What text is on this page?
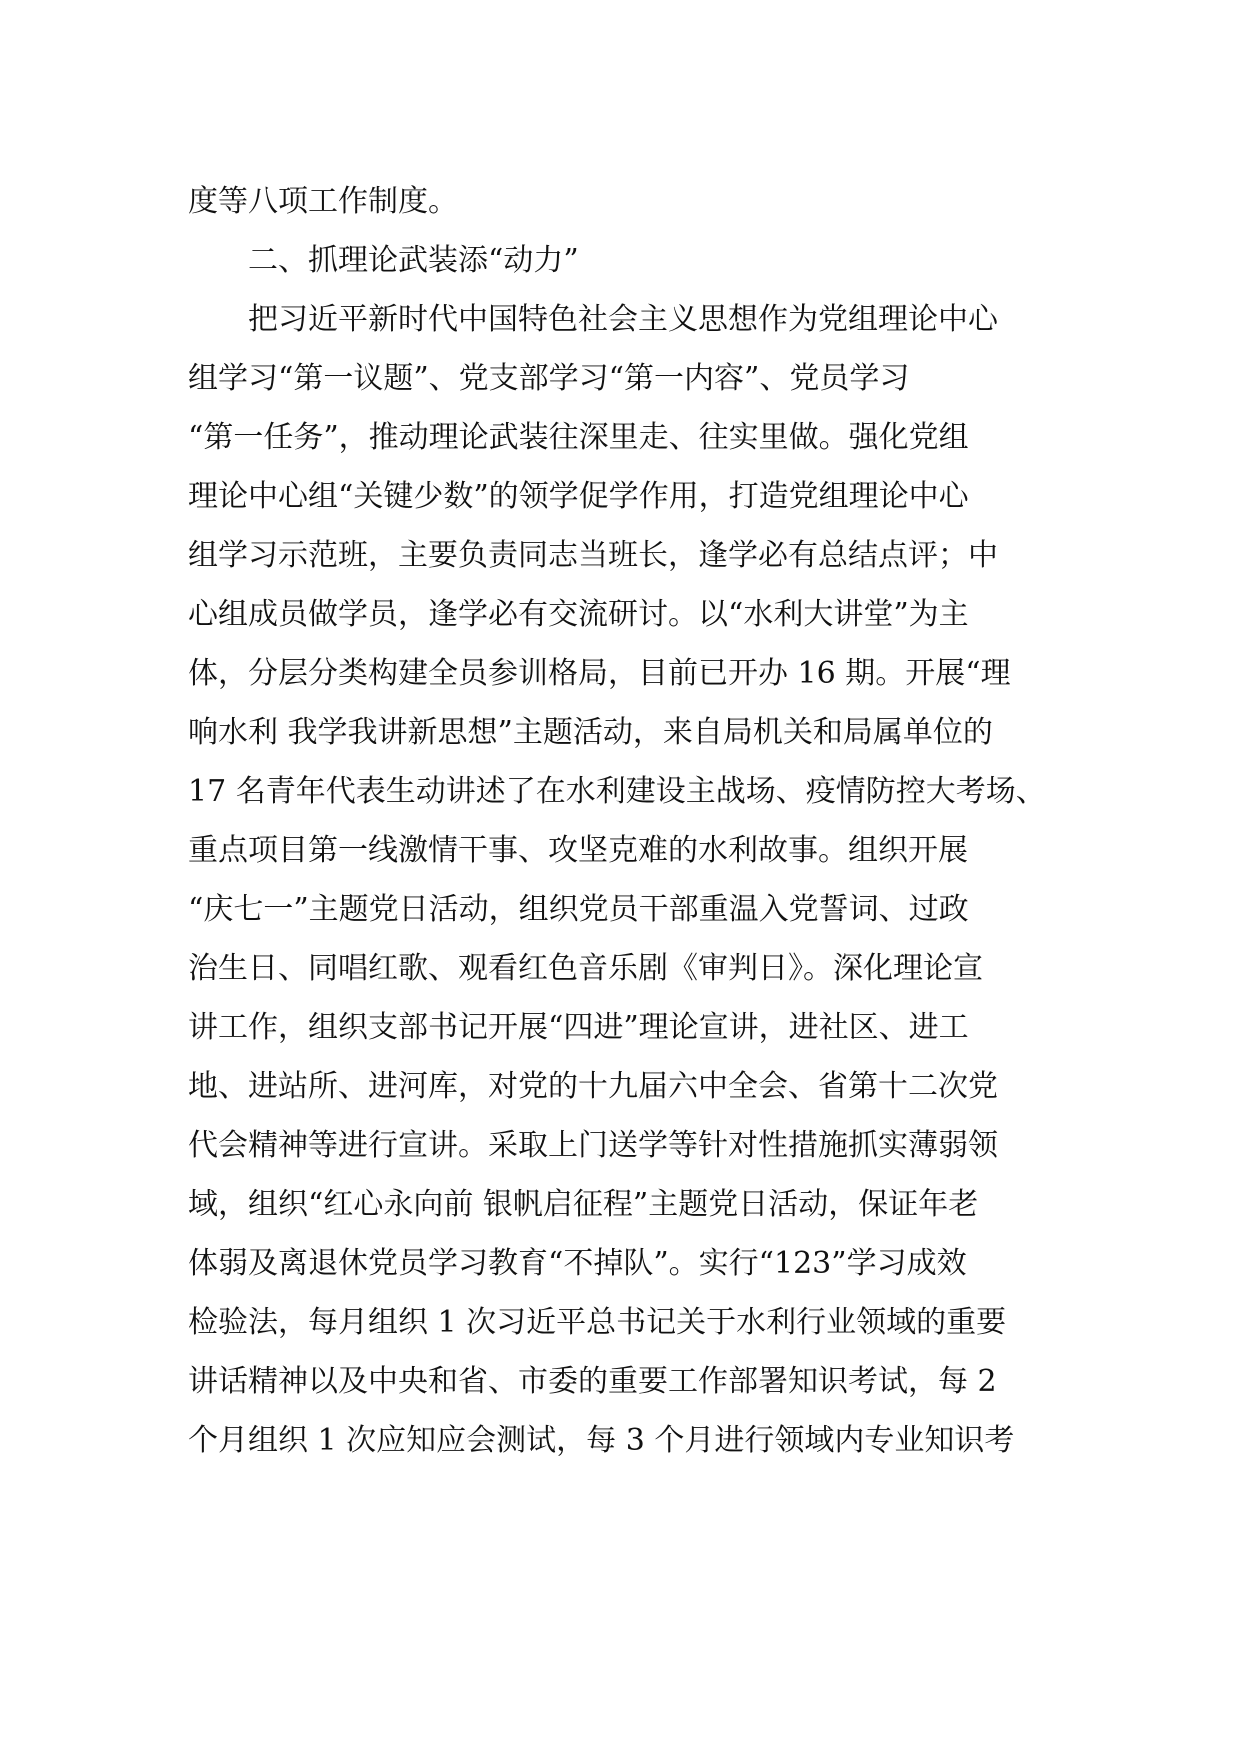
度等八项工作制度。
二、抓理论武装添“动力”
把习近平新时代中国特色社会主义思想作为党组理论中心
组学习“第一议题”、党支部学习“第一内容”、党员学习
“第一任务”，推动理论武装往深里走、往实里做。强化党组
理论中心组“关键少数”的领学促学作用，打造党组理论中心
组学习示范班，主要负责同志当班长，逢学必有总结点评；中
心组成员做学员，逢学必有交流研讨。以“水利大讲堂”为主
体，分层分类构建全员参训格局，目前已开办 16 期。开展“理
响水利 我学我讲新思想”主题活动，来自局机关和局属单位的
17 名青年代表生动讲述了在水利建设主战场、疫情防控大考场、
重点项目第一线激情干事、攻坚克难的水利故事。组织开展
“庆七一”主题党日活动，组织党员干部重温入党誓词、过政
治生日、同唱红歌、观看红色音乐剧《审判日》。深化理论宣
讲工作，组织支部书记开展“四进”理论宣讲，进社区、进工
地、进站所、进河库，对党的十九届六中全会、省第十二次党
代会精神等进行宣讲。采取上门送学等针对性措施抓实薄弱领
域，组织“红心永向前 银帆启征程”主题党日活动，保证年老
体弱及离退休党员学习教育“不掉队”。实行“123”学习成效
检验法，每月组织 1 次习近平总书记关于水利行业领域的重要
讲话精神以及中央和省、市委的重要工作部署知识考试，每 2
个月组织 1 次应知应会测试，每 3 个月进行领域内专业知识考
